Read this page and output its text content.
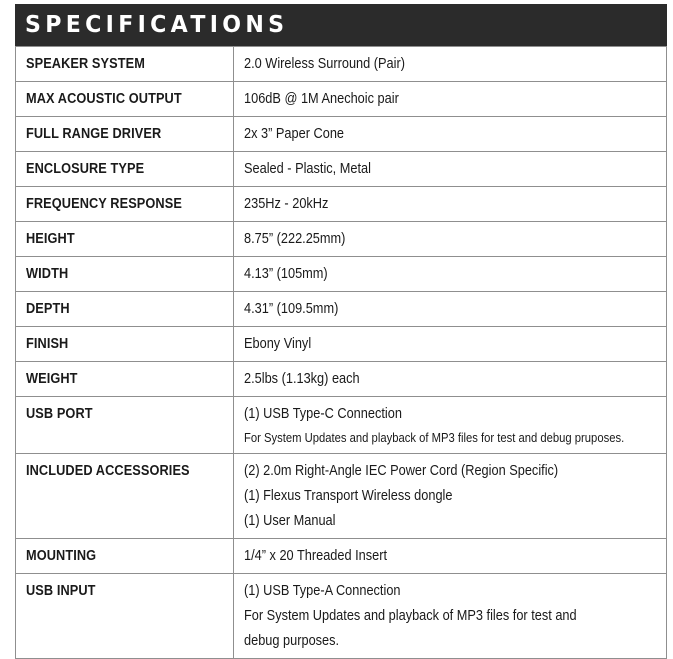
SPECIFICATIONS
SPEAKER SYSTEM	2.0 Wireless Surround (Pair)

MAX ACOUSTIC OUTPUT	106dB @ 1M Anechoic pair

FULL RANGE DRIVER	2x 3” Paper Cone

ENCLOSURE TYPE	Sealed - Plastic, Metal

FREQUENCY RESPONSE	235Hz - 20kHz

HEIGHT	8.75” (222.25mm)

WIDTH	4.13” (105mm)

DEPTH	4.31” (109.5mm)

FINISH	Ebony Vinyl

WEIGHT	2.5lbs (1.13kg) each

USB PORT	(1) USB Type-C Connection
For System Updates and playback of MP3 files for test and debug pruposes.

INCLUDED ACCESSORIES	(2) 2.0m Right-Angle IEC Power Cord (Region Specific)
(1) Flexus Transport Wireless dongle
(1) User Manual

MOUNTING	1/4” x 20 Threaded Insert

USB INPUT	(1) USB Type-A Connection
For System Updates and playback of MP3 files for test and
debug purposes.
